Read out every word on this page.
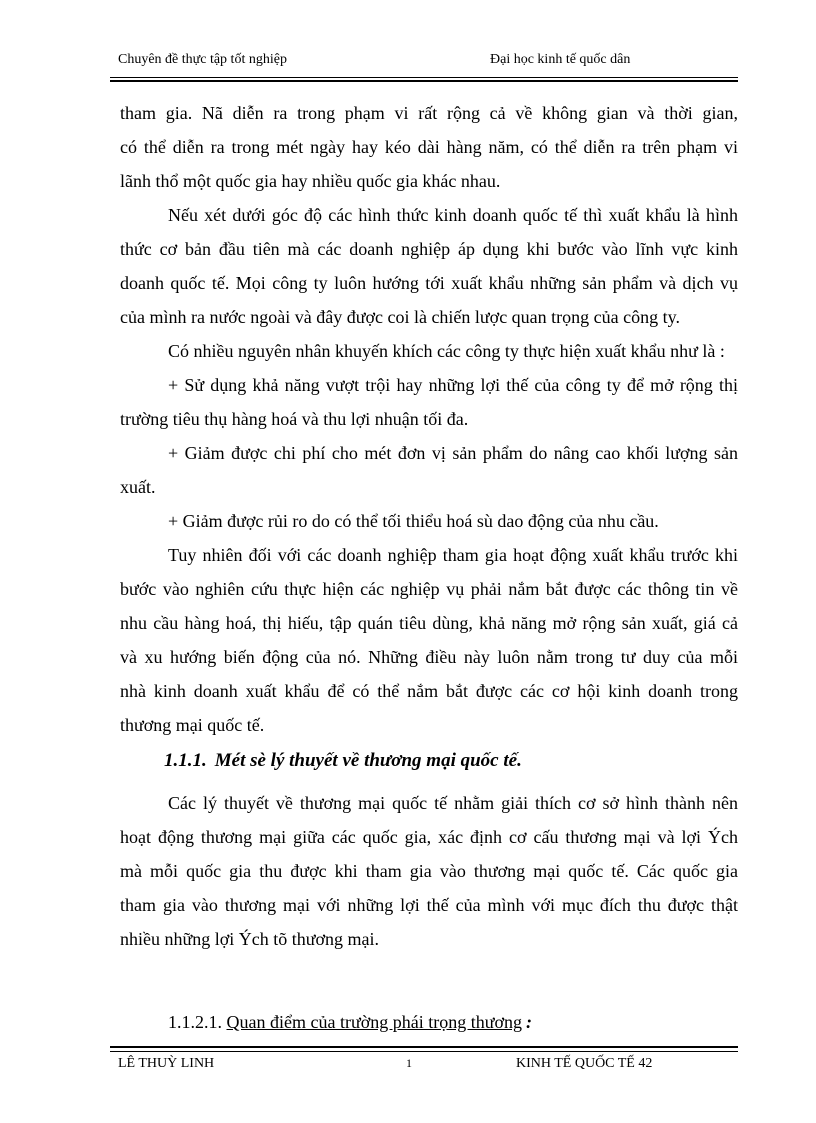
Chuyên đề thực tập tốt nghiệp	Đại học kinh tế quốc dân
tham gia. Nã diễn ra trong phạm vi rất rộng cả về không gian và thời gian,
có thể diễn ra trong mét ngày hay kéo dài hàng năm, có thể diễn ra trên phạm vi
lãnh thổ một quốc gia hay nhiều quốc gia khác nhau.
Nếu xét dưới góc độ các hình thức kinh doanh quốc tế thì xuất khẩu là hình
thức cơ bản đầu tiên mà các doanh nghiệp áp dụng khi bước vào lĩnh vực kinh
doanh quốc tế. Mọi công ty luôn hướng tới xuất khẩu những sản phẩm và dịch vụ
của mình ra nước ngoài và đây được coi là chiến lược quan trọng của công ty.
Có nhiều nguyên nhân khuyến khích các công ty thực hiện xuất khẩu như là :
+ Sử dụng khả năng vượt trội hay những lợi thế của công ty để mở rộng thị
trường tiêu thụ hàng hoá và thu lợi nhuận tối đa.
+ Giảm được chi phí cho mét đơn vị sản phẩm do nâng cao khối lượng sản
xuất.
+ Giảm được rủi ro do có thể tối thiểu hoá sù dao động của nhu cầu.
Tuy nhiên đối với các doanh nghiệp tham gia hoạt động xuất khẩu trước khi
bước vào nghiên cứu thực hiện các nghiệp vụ phải nắm bắt được các thông tin về
nhu cầu hàng hoá, thị hiếu, tập quán tiêu dùng, khả năng mở rộng sản xuất, giá cả
và xu hướng biến động của nó. Những điều này luôn nằm trong tư duy của mỗi
nhà kinh doanh xuất khẩu để có thể nắm bắt được các cơ hội kinh doanh trong
thương mại quốc tế.
1.1.1. Mét sè lý thuyết về thương mại quốc tế.
Các lý thuyết về thương mại quốc tế nhằm giải thích cơ sở hình thành nên
hoạt động thương mại giữa các quốc gia, xác định cơ cấu thương mại và lợi Ých
mà mỗi quốc gia thu được khi tham gia vào thương mại quốc tế. Các quốc gia
tham gia vào thương mại với những lợi thế của mình với mục đích thu được thật
nhiều những lợi Ých tõ thương mại.
1.1.2.1. Quan điểm của trường phái trọng thương :
LÊ THUỲ LINH	1	KINH TẾ QUỐC TẾ 42
